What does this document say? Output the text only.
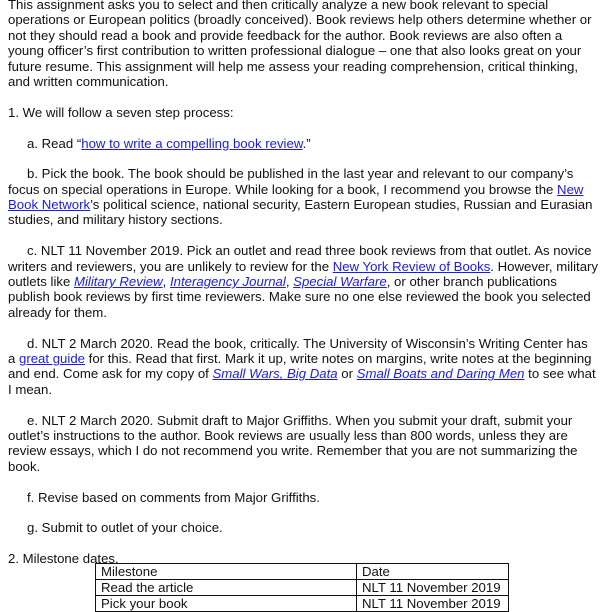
This assignment asks you to select and then critically analyze a new book relevant to special
operations or European politics (broadly conceived). Book reviews help others determine whether or
not they should read a book and provide feedback for the author. Book reviews are also often a
young officer’s first contribution to written professional dialogue – one that also looks great on your
future resume. This assignment will help me assess your reading comprehension, critical thinking,
and written communication.

1. We will follow a seven step process:

a. Read “how to write a compelling book review.”

b. Pick the book. The book should be published in the last year and relevant to our company’s
focus on special operations in Europe. While looking for a book, I recommend you browse the New
Book Network’s political science, national security, Eastern European studies, Russian and Eurasian
studies, and military history sections.

c. NLT 11 November 2019. Pick an outlet and read three book reviews from that outlet. As novice
writers and reviewers, you are unlikely to review for the New York Review of Books. However, military
outlets like Military Review, Interagency Journal, Special Warfare, or other branch publications
publish book reviews by first time reviewers. Make sure no one else reviewed the book you selected
already for them.

d. NLT 2 March 2020. Read the book, critically. The University of Wisconsin’s Writing Center has
a great guide for this. Read that first. Mark it up, write notes on margins, write notes at the beginning
and end. Come ask for my copy of Small Wars, Big Data or Small Boats and Daring Men to see what
I mean.

e. NLT 2 March 2020. Submit draft to Major Griffiths. When you submit your draft, submit your
outlet’s instructions to the author. Book reviews are usually less than 800 words, unless they are
review essays, which I do not recommend you write. Remember that you are not summarizing the
book.

f. Revise based on comments from Major Griffiths.

g. Submit to outlet of your choice.

2. Milestone dates.

Milestone	Date
Read the article	NLT 11 November 2019
Pick your book	NLT 11 November 2019
